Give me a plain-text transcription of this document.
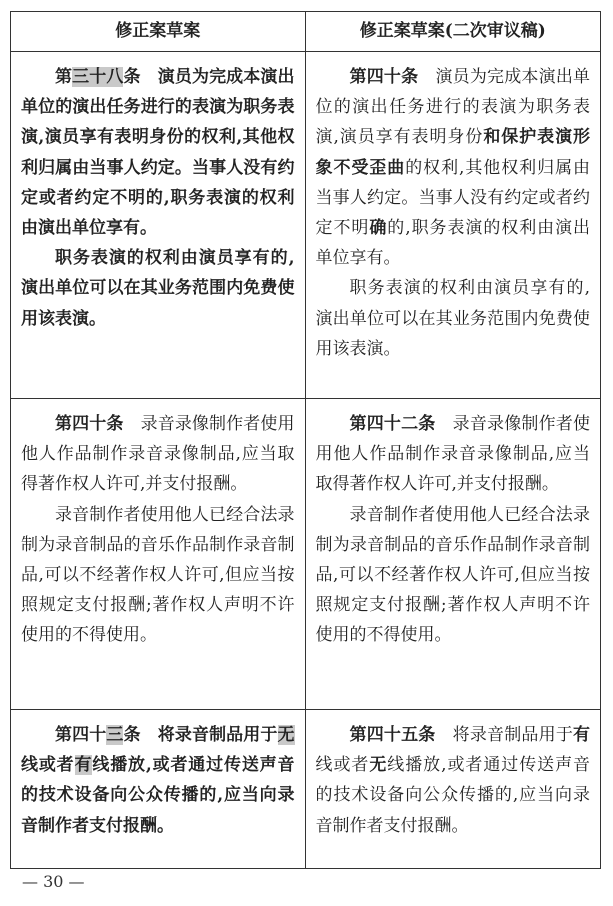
修正案草案	修正案草案(二次审议稿)

第三十八条 演员为完成本演出单位的演出任务进行的表演为职务表演,演员享有表明身份的权利,其他权利归属由当事人约定。当事人没有约定或者约定不明的,职务表演的权利由演出单位享有。

职务表演的权利由演员享有的,演出单位可以在其业务范围内免费使用该表演。

第四十条 演员为完成本演出单位的演出任务进行的表演为职务表演,演员享有表明身份和保护表演形象不受歪曲的权利,其他权利归属由当事人约定。当事人没有约定或者约定不明确的,职务表演的权利由演出单位享有。

职务表演的权利由演员享有的,演出单位可以在其业务范围内免费使用该表演。

第四十条 录音录像制作者使用他人作品制作录音录像制品,应当取得著作权人许可,并支付报酬。

录音制作者使用他人已经合法录制为录音制品的音乐作品制作录音制品,可以不经著作权人许可,但应当按照规定支付报酬;著作权人声明不许使用的不得使用。

第四十二条 录音录像制作者使用他人作品制作录音录像制品,应当取得著作权人许可,并支付报酬。

录音制作者使用他人已经合法录制为录音制品的音乐作品制作录音制品,可以不经著作权人许可,但应当按照规定支付报酬;著作权人声明不许使用的不得使用。

第四十三条 将录音制品用于无线或者有线播放,或者通过传送声音的技术设备向公众传播的,应当向录音制作者支付报酬。

第四十五条 将录音制品用于有线或者无线播放,或者通过传送声音的技术设备向公众传播的,应当向录音制作者支付报酬。

— 30 —
